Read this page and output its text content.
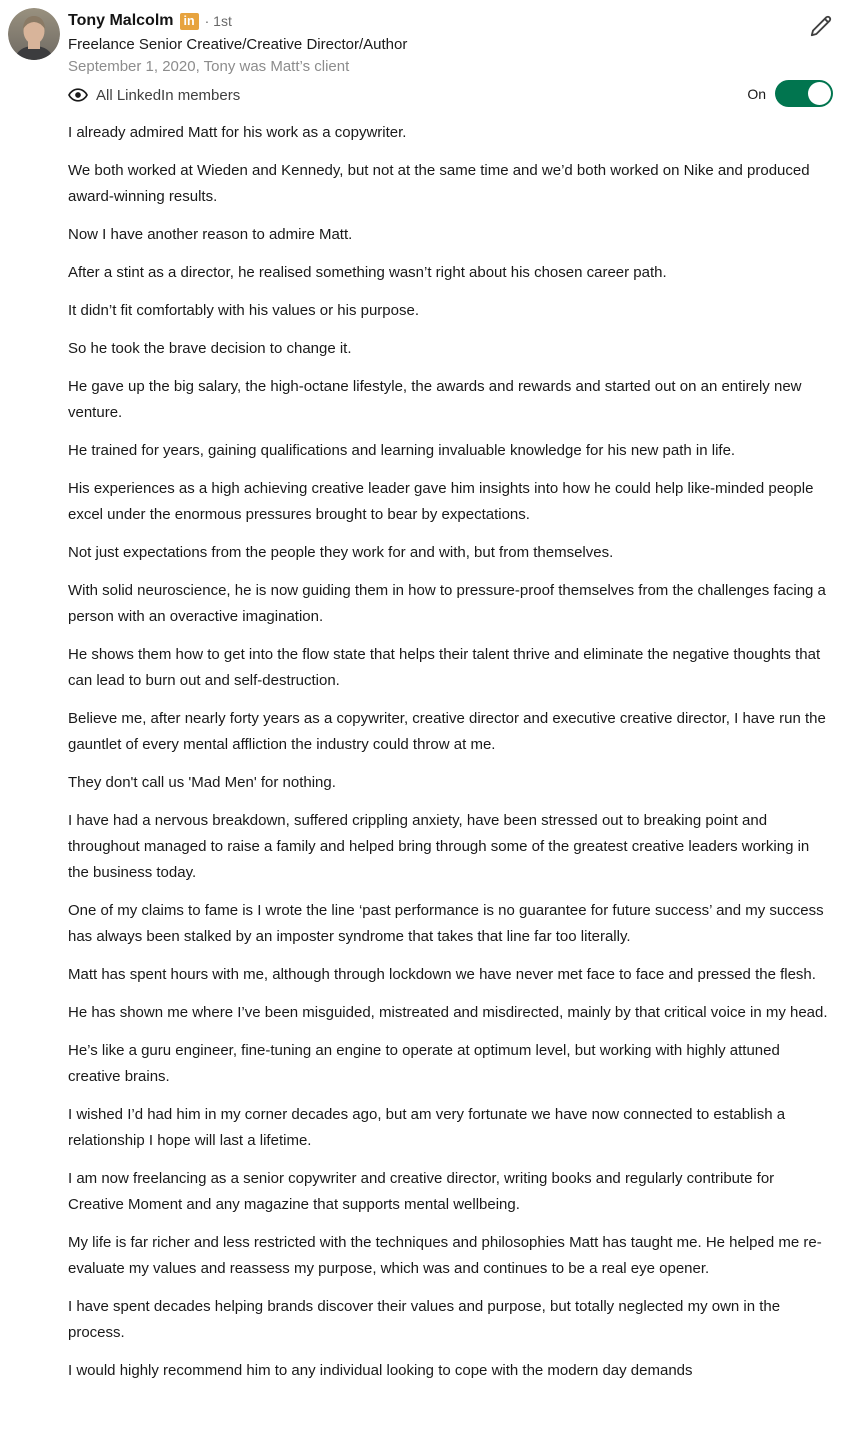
Tony Malcolm in · 1st
Freelance Senior Creative/Creative Director/Author
September 1, 2020, Tony was Matt’s client
All LinkedIn members	On

I already admired Matt for his work as a copywriter.

We both worked at Wieden and Kennedy, but not at the same time and we’d both worked on Nike and produced award-winning results.

Now I have another reason to admire Matt.

After a stint as a director, he realised something wasn’t right about his chosen career path.

It didn’t fit comfortably with his values or his purpose.

So he took the brave decision to change it.

He gave up the big salary, the high-octane lifestyle, the awards and rewards and started out on an entirely new venture.

He trained for years, gaining qualifications and learning invaluable knowledge for his new path in life.

His experiences as a high achieving creative leader gave him insights into how he could help like-minded people excel under the enormous pressures brought to bear by expectations.

Not just expectations from the people they work for and with, but from themselves.

With solid neuroscience, he is now guiding them in how to pressure-proof themselves from the challenges facing a person with an overactive imagination.

He shows them how to get into the flow state that helps their talent thrive and eliminate the negative thoughts that can lead to burn out and self-destruction.

Believe me, after nearly forty years as a copywriter, creative director and executive creative director, I have run the gauntlet of every mental affliction the industry could throw at me.

They don't call us 'Mad Men' for nothing.

I have had a nervous breakdown, suffered crippling anxiety, have been stressed out to breaking point and throughout managed to raise a family and helped bring through some of the greatest creative leaders working in the business today.

One of my claims to fame is I wrote the line ‘past performance is no guarantee for future success’ and my success has always been stalked by an imposter syndrome that takes that line far too literally.

Matt has spent hours with me, although through lockdown we have never met face to face and pressed the flesh.

He has shown me where I’ve been misguided, mistreated and misdirected, mainly by that critical voice in my head.

He’s like a guru engineer, fine-tuning an engine to operate at optimum level, but working with highly attuned creative brains.

I wished I’d had him in my corner decades ago, but am very fortunate we have now connected to establish a relationship I hope will last a lifetime.

I am now freelancing as a senior copywriter and creative director, writing books and regularly contribute for Creative Moment and any magazine that supports mental wellbeing.

My life is far richer and less restricted with the techniques and philosophies Matt has taught me. He helped me re-evaluate my values and reassess my purpose, which was and continues to be a real eye opener.

I have spent decades helping brands discover their values and purpose, but totally neglected my own in the process.

I would highly recommend him to any individual looking to cope with the modern day demands
